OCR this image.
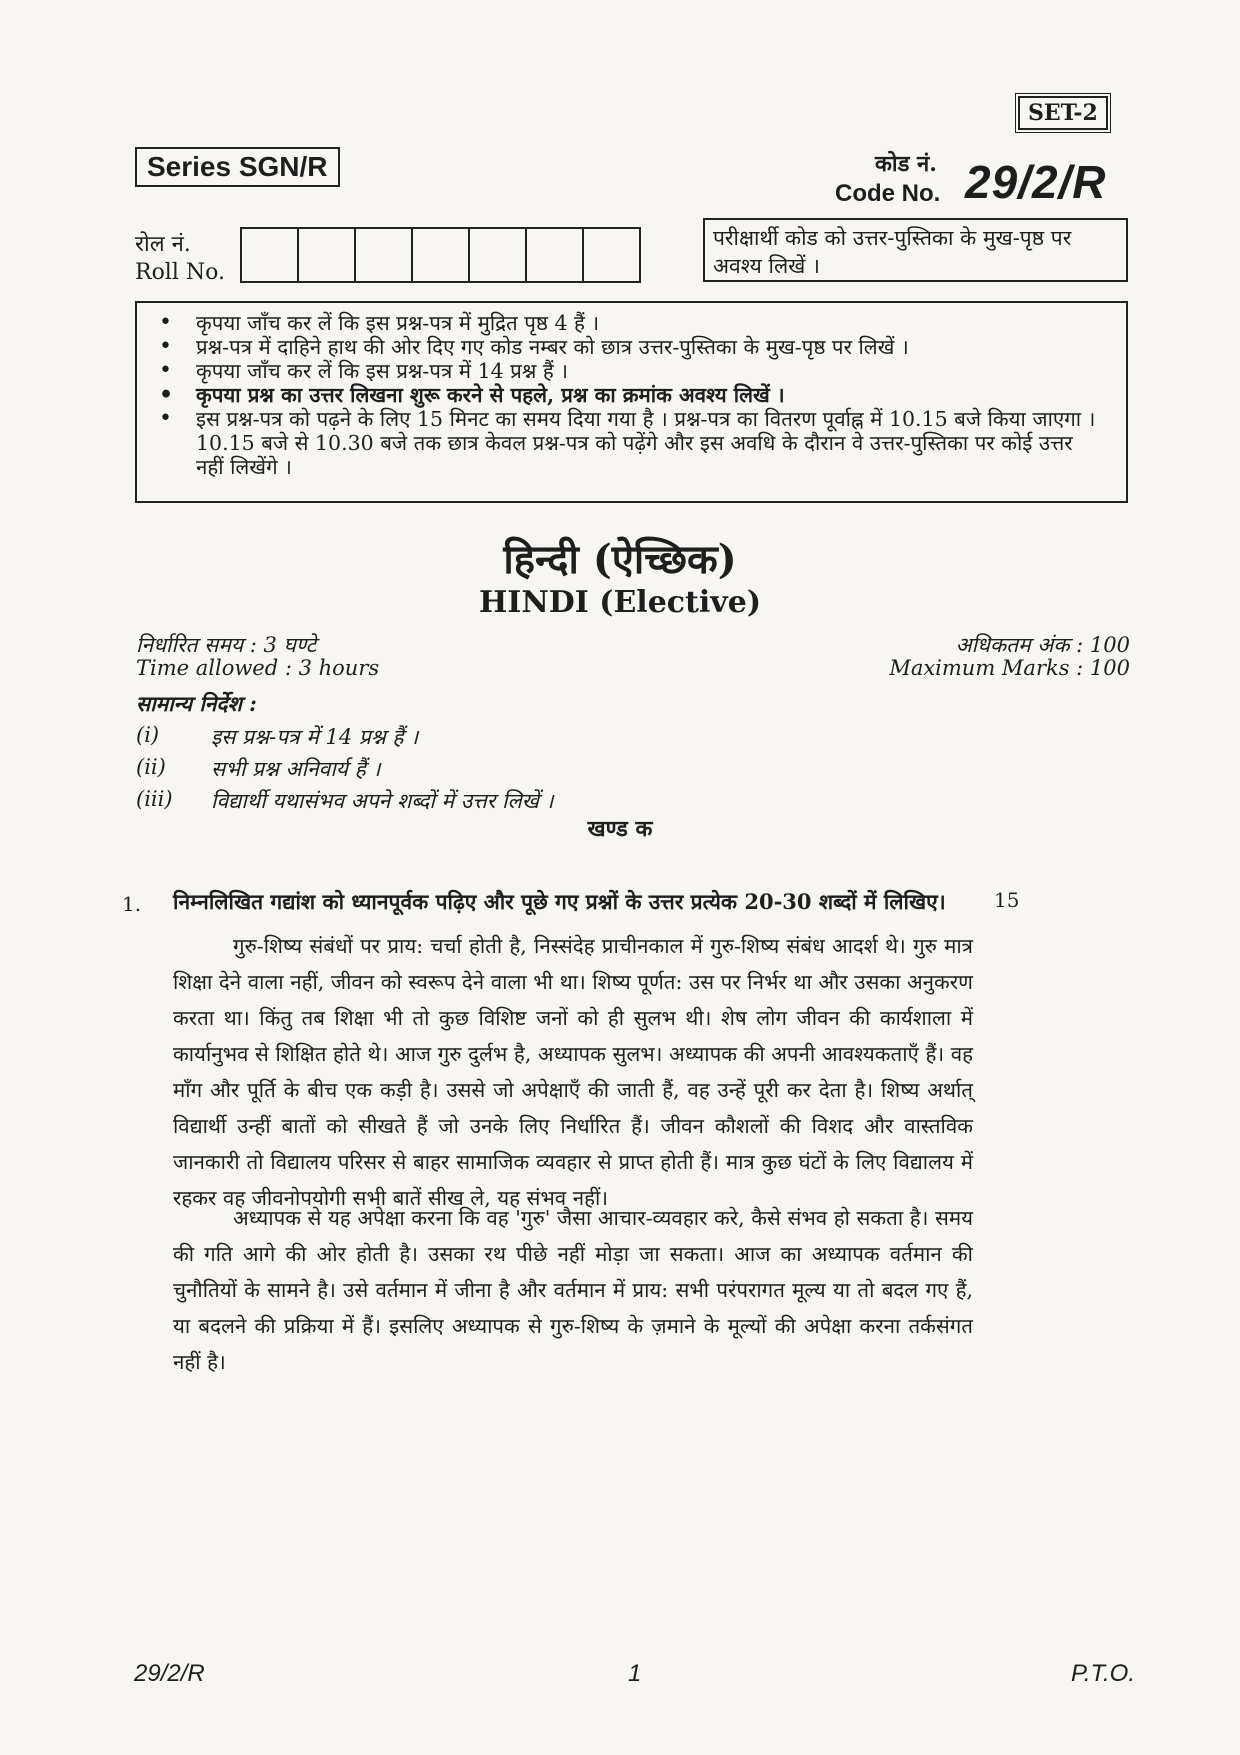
SET-2
Series SGN/R	कोड नं.
Code No. 29/2/R
रोल नं.
Roll No.
परीक्षार्थी कोड को उत्तर-पुस्तिका के मुख-पृष्ठ पर अवश्य लिखें ।
• कृपया जाँच कर लें कि इस प्रश्न-पत्र में मुद्रित पृष्ठ 4 हैं ।
• प्रश्न-पत्र में दाहिने हाथ की ओर दिए गए कोड नम्बर को छात्र उत्तर-पुस्तिका के मुख-पृष्ठ पर लिखें ।
• कृपया जाँच कर लें कि इस प्रश्न-पत्र में 14 प्रश्न हैं ।
• कृपया प्रश्न का उत्तर लिखना शुरू करने से पहले, प्रश्न का क्रमांक अवश्य लिखें ।
• इस प्रश्न-पत्र को पढ़ने के लिए 15 मिनट का समय दिया गया है । प्रश्न-पत्र का वितरण पूर्वाह्न में 10.15 बजे किया जाएगा । 10.15 बजे से 10.30 बजे तक छात्र केवल प्रश्न-पत्र को पढ़ेंगे और इस अवधि के दौरान वे उत्तर-पुस्तिका पर कोई उत्तर नहीं लिखेंगे ।
हिन्दी (ऐच्छिक)
HINDI (Elective)
निर्धारित समय : 3 घण्टे
Time allowed : 3 hours
अधिकतम अंक : 100
Maximum Marks : 100
सामान्य निर्देश :
(i)	इस प्रश्न-पत्र में 14 प्रश्न हैं ।
(ii)	सभी प्रश्न अनिवार्य हैं ।
(iii)	विद्यार्थी यथासंभव अपने शब्दों में उत्तर लिखें ।
खण्ड क
1. निम्नलिखित गद्यांश को ध्यानपूर्वक पढ़िए और पूछे गए प्रश्नों के उत्तर प्रत्येक 20-30 शब्दों में लिखिए। 15

गुरु-शिष्य संबंधों पर प्राय: चर्चा होती है, निस्संदेह प्राचीनकाल में गुरु-शिष्य संबंध आदर्श थे। गुरु मात्र शिक्षा देने वाला नहीं, जीवन को स्वरूप देने वाला भी था। शिष्य पूर्णत: उस पर निर्भर था और उसका अनुकरण करता था। किंतु तब शिक्षा भी तो कुछ विशिष्ट जनों को ही सुलभ थी। शेष लोग जीवन की कार्यशाला में कार्यानुभव से शिक्षित होते थे। आज गुरु दुर्लभ है, अध्यापक सुलभ। अध्यापक की अपनी आवश्यकताएँ हैं। वह माँग और पूर्ति के बीच एक कड़ी है। उससे जो अपेक्षाएँ की जाती हैं, वह उन्हें पूरी कर देता है। शिष्य अर्थात् विद्यार्थी उन्हीं बातों को सीखते हैं जो उनके लिए निर्धारित हैं। जीवन कौशलों की विशद और वास्तविक जानकारी तो विद्यालय परिसर से बाहर सामाजिक व्यवहार से प्राप्त होती हैं। मात्र कुछ घंटों के लिए विद्यालय में रहकर वह जीवनोपयोगी सभी बातें सीख ले, यह संभव नहीं।

अध्यापक से यह अपेक्षा करना कि वह 'गुरु' जैसा आचार-व्यवहार करे, कैसे संभव हो सकता है। समय की गति आगे की ओर होती है। उसका रथ पीछे नहीं मोड़ा जा सकता। आज का अध्यापक वर्तमान की चुनौतियों के सामने है। उसे वर्तमान में जीना है और वर्तमान में प्राय: सभी परंपरागत मूल्य या तो बदल गए हैं, या बदलने की प्रक्रिया में हैं। इसलिए अध्यापक से गुरु-शिष्य के ज़माने के मूल्यों की अपेक्षा करना तर्कसंगत नहीं है।

29/2/R	1	P.T.O.
